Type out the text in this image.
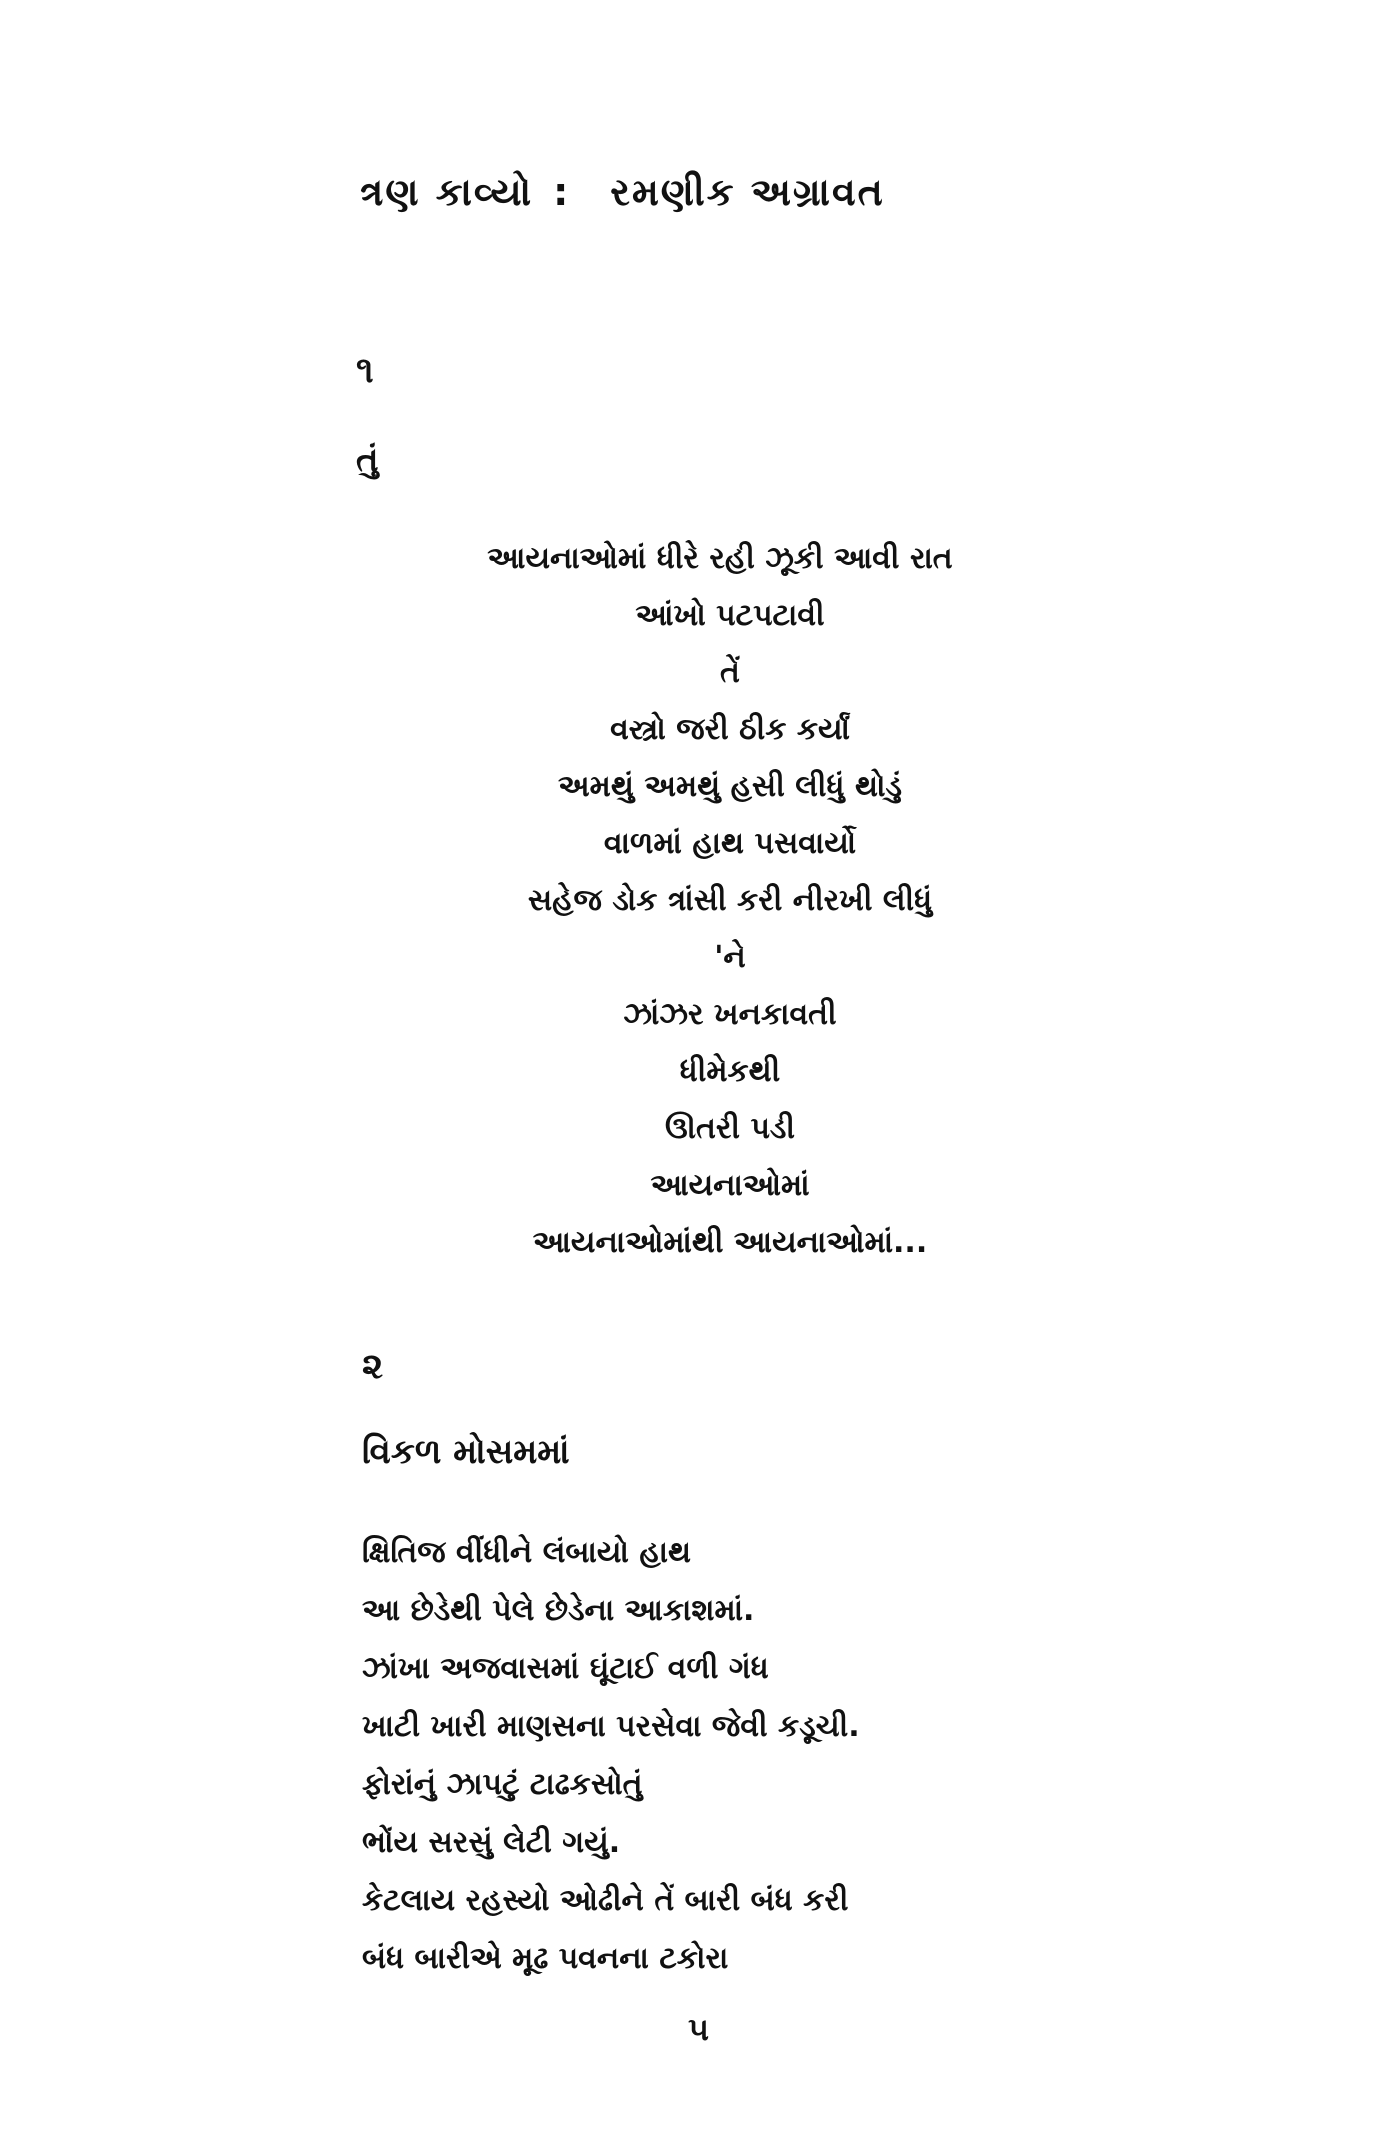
ત્રણ કાવ્યો : રમણીક અગ્રાવત
૧
તું
આયનાઓમાં ધીરે રહી ઝૂકી આવી રાત
આંખો પટપટાવી
તેં
વસ્ત્રો જરી ઠીક કર્યાં
અમથું અમથું હસી લીધું થોડું
વાળમાં હાથ પસવાર્યો
સહેજ ડોક ત્રાંસી કરી નીરખી લીધું
'ને
ઝાંઝર ખનકાવતી
ધીમેકથી
ઊતરી પડી
આયનાઓમાં
આયનાઓમાંથી આયનાઓમાં...
૨
વિકળ મોસમમાં
ક્ષિતિજ વીંધીને લંબાયો હાથ
આ છેડેથી પેલે છેડેના આકાશમાં.
ઝાંખા અજવાસમાં ઘૂંટાઈ વળી ગંધ
ખાટી ખારી માણસના પરસેવા જેવી કડૂચી.
ફોરાંનું ઝાપટું ટાઢકસોતું
ભોંય સરસું લેટી ગયું.
કેટલાય રહસ્યો ઓઢીને તેં બારી બંધ કરી
બંધ બારીએ મૂઢ પવનના ટકોરા
૫
